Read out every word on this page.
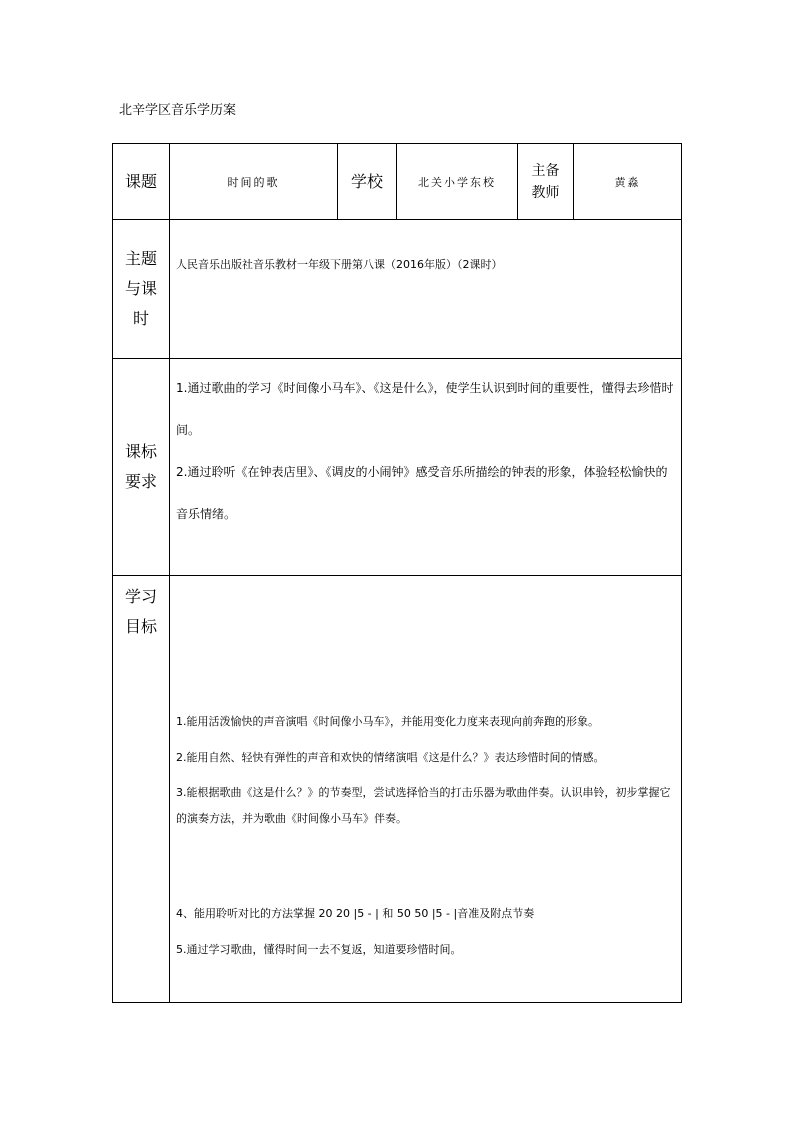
北辛学区音乐学历案
课题	时间的歌	学校	北关小学东校	主备教师	黄淼
主题与课时	人民音乐出版社音乐教材一年级下册第八课（2016年版）（2课时）				
课标要求	1.通过歌曲的学习《时间像小马车》、《这是什么》，使学生认识到时间的重要性，懂得去珍惜时间。

2.通过聆听《在钟表店里》、《调皮的小闹钟》感受音乐所描绘的钟表的形象，体验轻松愉快的音乐情绪。				

学习目标	1.能用活泼愉快的声音演唱《时间像小马车》，并能用变化力度来表现向前奔跑的形象。

2.能用自然、轻快有弹性的声音和欢快的情绪演唱《这是什么？》表达珍惜时间的情感。

3.能根据歌曲《这是什么？》的节奏型，尝试选择恰当的打击乐器为歌曲伴奏。认识串铃，初步掌握它的演奏方法，并为歌曲《时间像小马车》伴奏。

4、能用聆听对比的方法掌握 20 20 |5 - | 和 50 50 |5 - |音准及附点节奏

5.通过学习歌曲，懂得时间一去不复返，知道要珍惜时间。				
